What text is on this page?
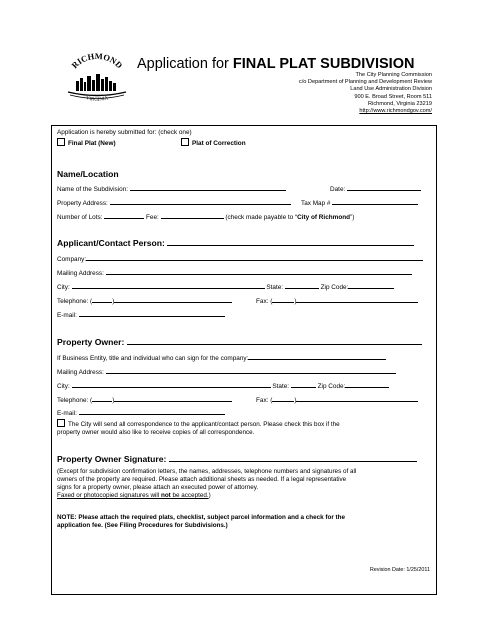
RICHMOND
VIRGINIA
Application for FINAL PLAT SUBDIVISION
The City Planning Commission
c/o Department of Planning and Development Review
Land Use Administration Division
900 E. Broad Street, Room 511
Richmond, Virginia 23219
http://www.richmondgov.com/
Application is hereby submitted for: (check one)
Final Plat (New)	Plat of Correction
Name/Location
Name of the Subdivision:	Date:
Property Address:	Tax Map #
Number of Lots:	Fee:	(check made payable to “City of Richmond”)
Applicant/Contact Person:
Company:
Mailing Address:
City:	State:	Zip Code:
Telephone: (	)	Fax: (	)
E-mail:
Property Owner:
If Business Entity, title and individual who can sign for the company:
Mailing Address:
City:	State:	Zip Code:
Telephone: (	)	Fax: (	)
E-mail:
The City will send all correspondence to the applicant/contact person. Please check this box if the
property owner would also like to receive copies of all correspondence.
Property Owner Signature:
(Except for subdivision confirmation letters, the names, addresses, telephone numbers and signatures of all
owners of the property are required. Please attach additional sheets as needed. If a legal representative
signs for a property owner, please attach an executed power of attorney.
Faxed or photocopied signatures will not be accepted.)
NOTE: Please attach the required plats, checklist, subject parcel information and a check for the
application fee. (See Filing Procedures for Subdivisions.)
Revision Date: 1/25/2011
